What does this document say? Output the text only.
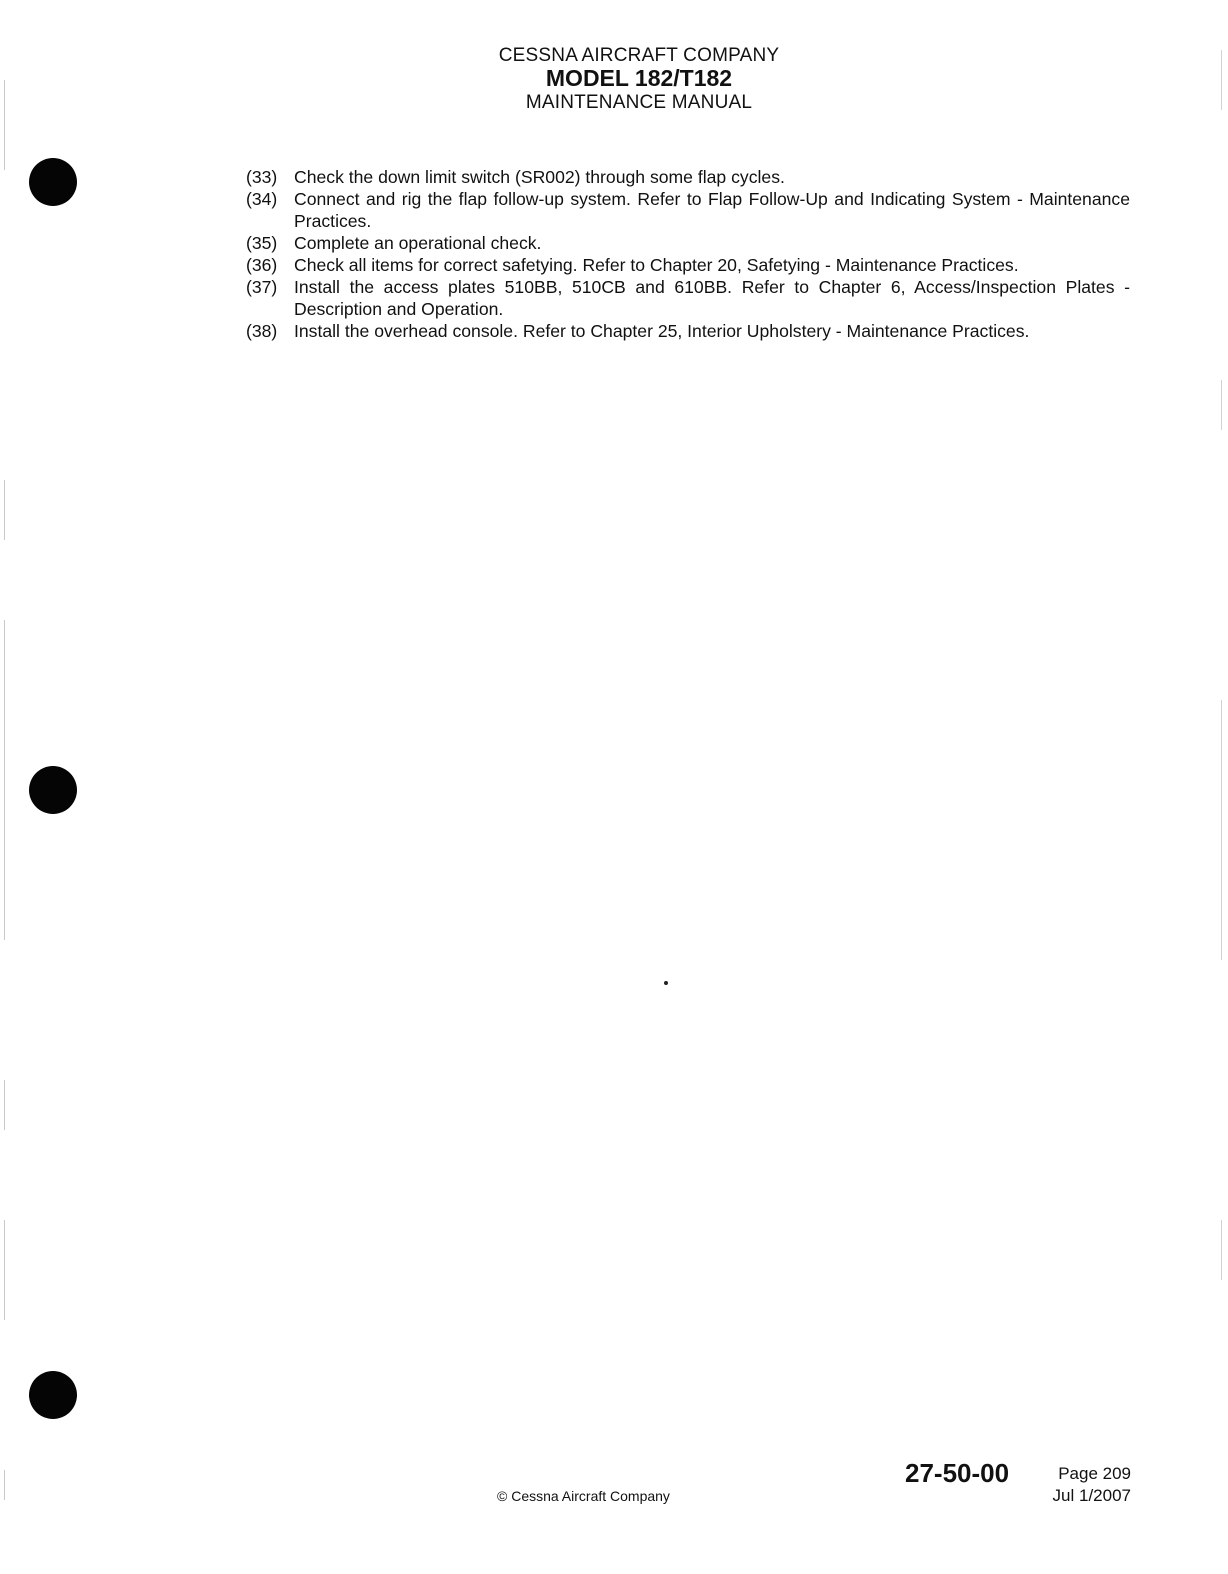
CESSNA AIRCRAFT COMPANY
MODEL 182/T182
MAINTENANCE MANUAL
(33) Check the down limit switch (SR002) through some flap cycles.
(34) Connect and rig the flap follow-up system. Refer to Flap Follow-Up and Indicating System - Maintenance Practices.
(35) Complete an operational check.
(36) Check all items for correct safetying. Refer to Chapter 20, Safetying - Maintenance Practices.
(37) Install the access plates 510BB, 510CB and 610BB. Refer to Chapter 6, Access/Inspection Plates - Description and Operation.
(38) Install the overhead console. Refer to Chapter 25, Interior Upholstery - Maintenance Practices.
© Cessna Aircraft Company
27-50-00	Page 209
Jul 1/2007
